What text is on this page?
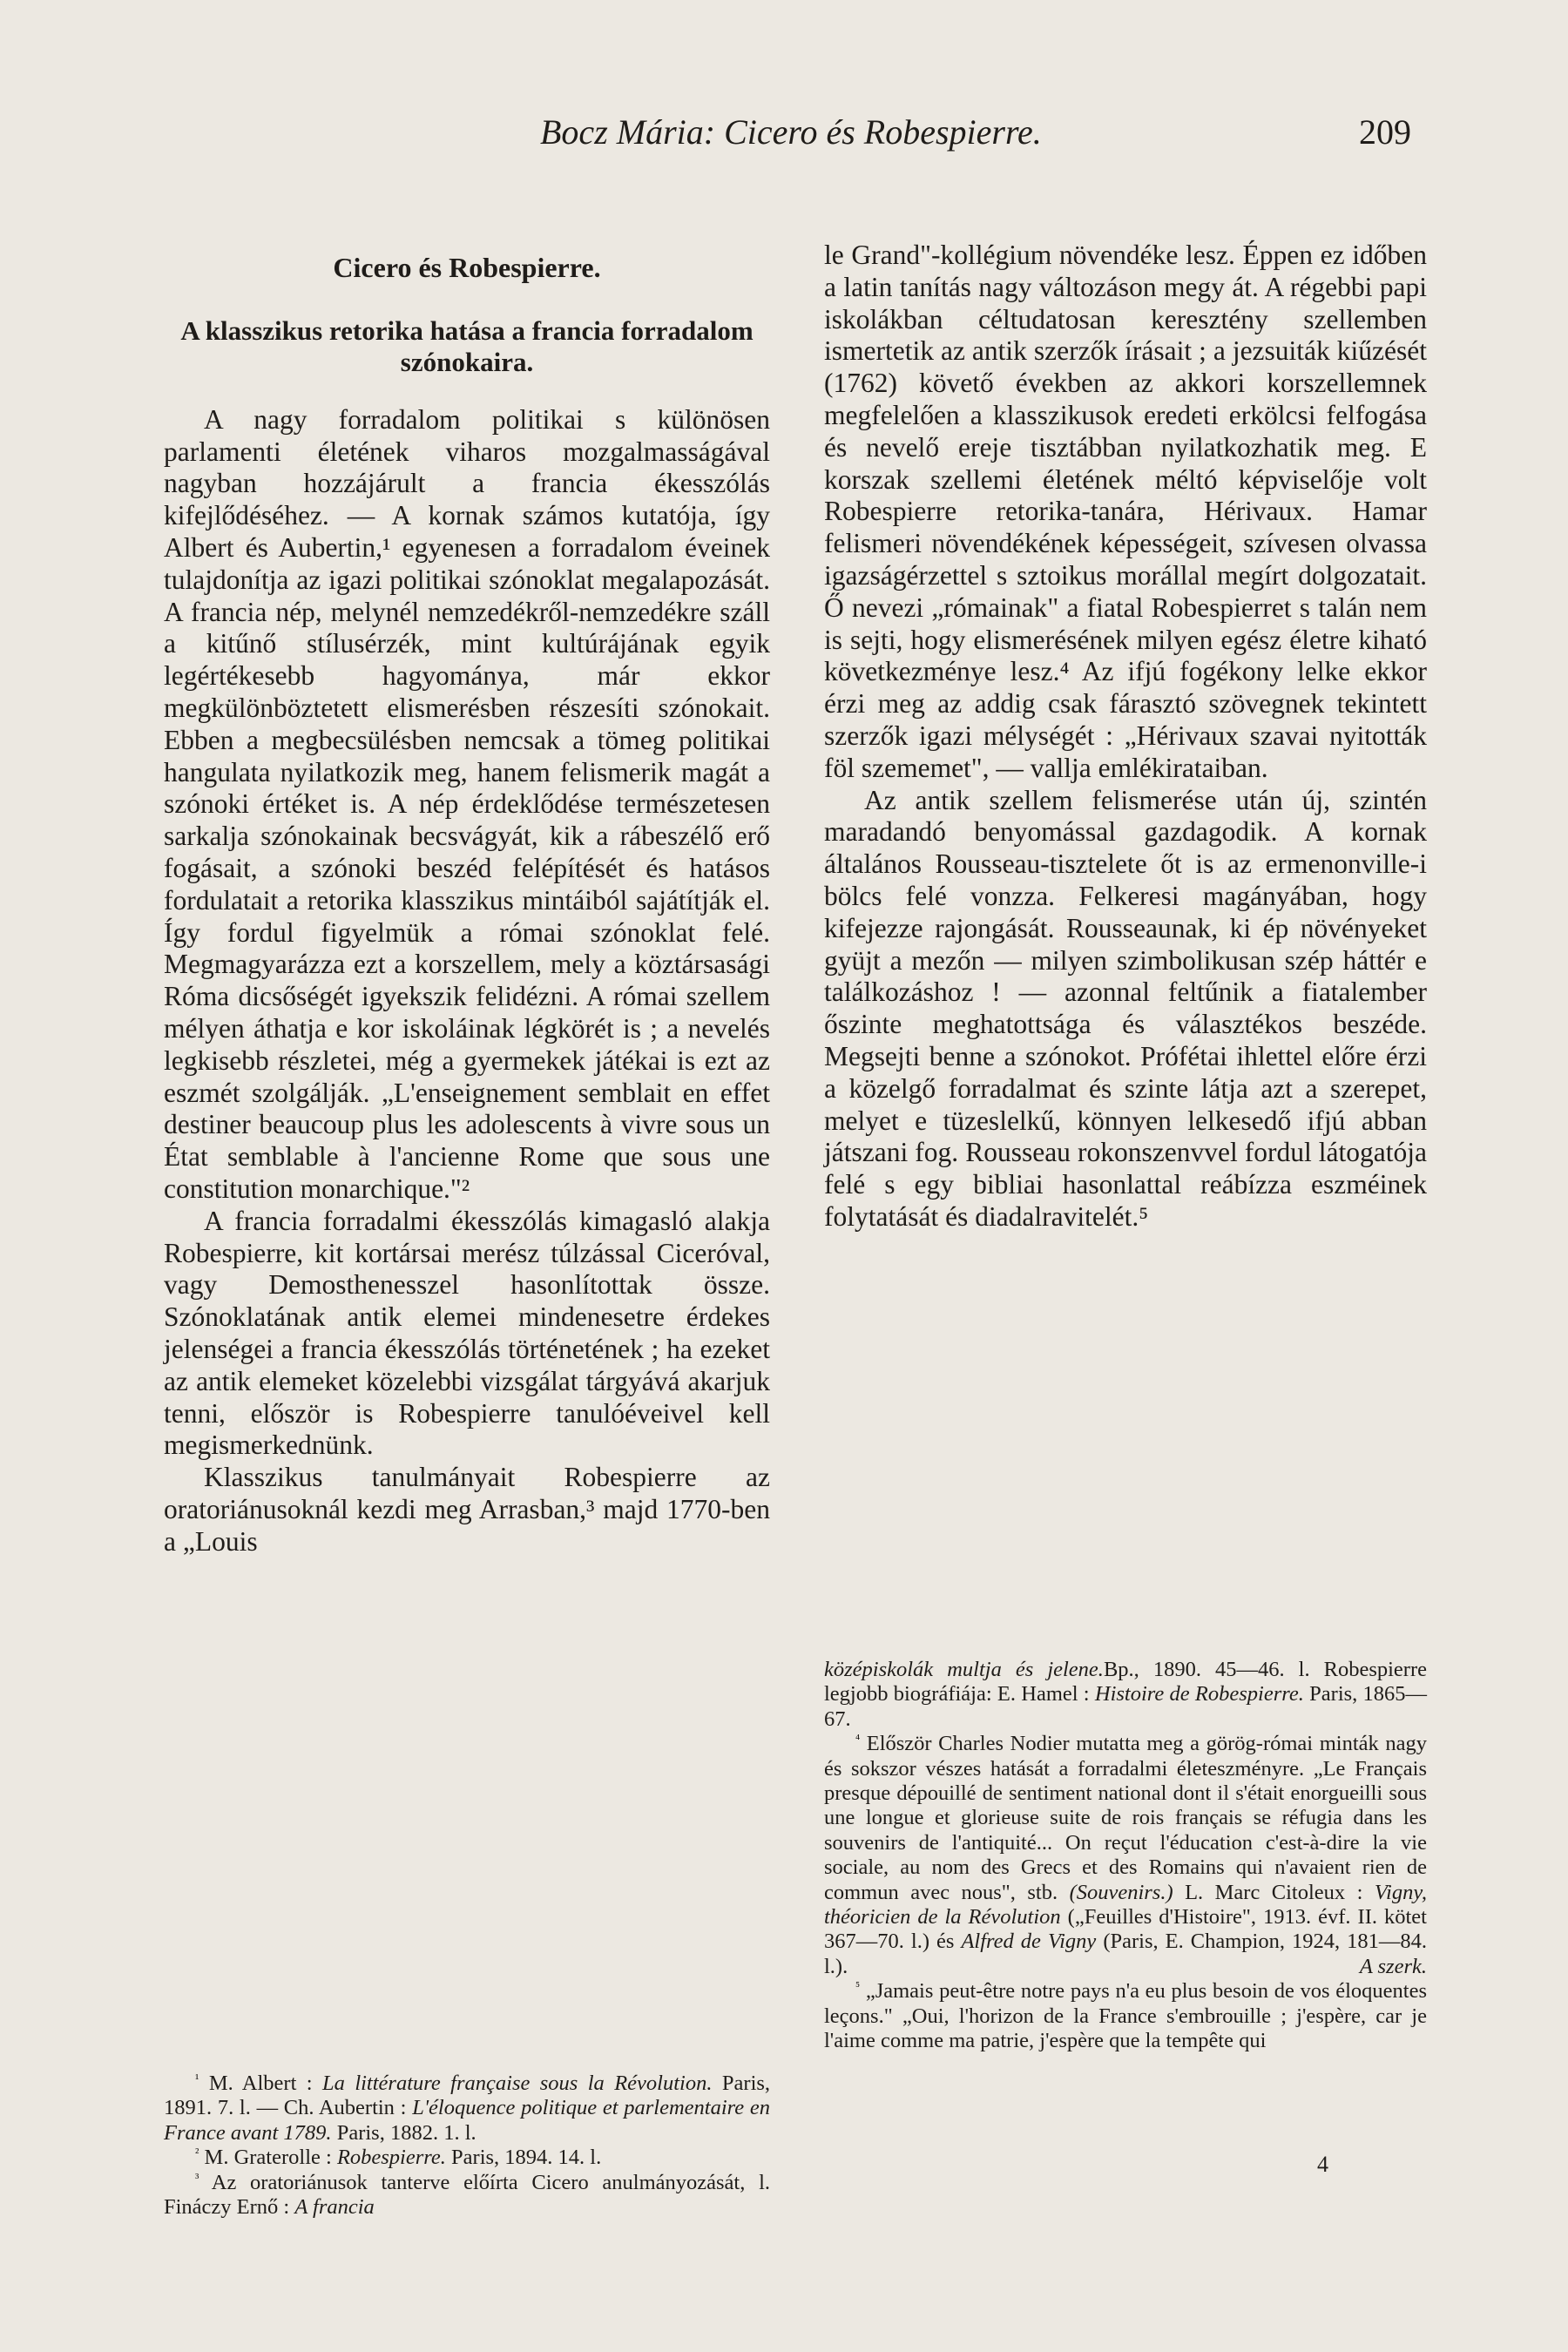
Bocz Mária: Cicero és Robespierre.	209
Cicero és Robespierre.
A klasszikus retorika hatása a francia forradalom szónokaira.

A nagy forradalom politikai s különösen parlamenti életének viharos mozgalmasságával nagyban hozzájárult a francia ékesszólás kifejlődéséhez. — A kornak számos kutatója, így Albert és Aubertin,¹ egyenesen a forradalom éveinek tulajdonítja az igazi politikai szónoklat megalapozását. A francia nép, melynél nemzedékről-nemzedékre száll a kitűnő stílusérzék, mint kultúrájának egyik legértékesebb hagyománya, már ekkor megkülönböztetett elismerésben részesíti szónokait. Ebben a megbecsülésben nemcsak a tömeg politikai hangulata nyilatkozik meg, hanem felismerik magát a szónoki értéket is. A nép érdeklődése természetesen sarkalja szónokainak becsvágyát, kik a rábeszélő erő fogásait, a szónoki beszéd felépítését és hatásos fordulatait a retorika klasszikus mintáiból sajátítják el. Így fordul figyelmük a római szónoklat felé. Megmagyarázza ezt a korszellem, mely a köztársasági Róma dicsőségét igyekszik felidézni. A római szellem mélyen áthatja e kor iskoláinak légkörét is ; a nevelés legkisebb részletei, még a gyermekek játékai is ezt az eszmét szolgálják. „L'enseignement semblait en effet destiner beaucoup plus les adolescents à vivre sous un État semblable à l'ancienne Rome que sous une constitution monarchique."²

A francia forradalmi ékesszólás kimagasló alakja Robespierre, kit kortársai merész túlzással Ciceróval, vagy Demosthenesszel hasonlítottak össze. Szónoklatának antik elemei mindenesetre érdekes jelenségei a francia ékesszólás történetének ; ha ezeket az antik elemeket közelebbi vizsgálat tárgyává akarjuk tenni, először is Robespierre tanulóéveivel kell megismerkednünk.

Klasszikus tanulmányait Robespierre az oratoriánusoknál kezdi meg Arrasban,³ majd 1770-ben a „Louis

le Grand"-kollégium növendéke lesz. Éppen ez időben a latin tanítás nagy változáson megy át. A régebbi papi iskolákban céltudatosan keresztény szellemben ismertetik az antik szerzők írásait ; a jezsuiták kiűzését (1762) követő években az akkori korszellemnek megfelelően a klasszikusok eredeti erkölcsi felfogása és nevelő ereje tisztábban nyilatkozhatik meg. E korszak szellemi életének méltó képviselője volt Robespierre retorika-tanára, Hérivaux. Hamar felismeri növendékének képességeit, szívesen olvassa igazságérzettel s sztoikus morállal megírt dolgozatait. Ő nevezi „rómainak" a fiatal Robespierret s talán nem is sejti, hogy elismerésének milyen egész életre kiható következménye lesz.⁴ Az ifjú fogékony lelke ekkor érzi meg az addig csak fárasztó szövegnek tekintett szerzők igazi mélységét : „Hérivaux szavai nyitották föl szememet", — vallja emlékirataiban.

Az antik szellem felismerése után új, szintén maradandó benyomással gazdagodik. A kornak általános Rousseau-tisztelete őt is az ermenonville-i bölcs felé vonzza. Felkeresi magányában, hogy kifejezze rajongását. Rousseaunak, ki ép növényeket gyüjt a mezőn — milyen szimbolikusan szép háttér e találkozáshoz ! — azonnal feltűnik a fiatalember őszinte meghatottsága és választékos beszéde. Megsejti benne a szónokot. Prófétai ihlettel előre érzi a közelgő forradalmat és szinte látja azt a szerepet, melyet e tüzeslelkű, könnyen lelkesedő ifjú abban játszani fog. Rousseau rokonszenvvel fordul látogatója felé s egy bibliai hasonlattal reábízza eszméinek folytatását és diadalravitelét.⁵

$^{^1}$ M. Albert : La littérature française sous la Révolution. Paris, 1891. 7. l. — Ch. Aubertin : L'éloquence politique et parlementaire en France avant 1789. Paris, 1882. 1. l.

$^{^2}$ M. Graterolle : Robespierre. Paris, 1894. 14. l.

$^{^3}$ Az oratoriánusok tanterve előírta Cicero anulmányozását, l. Fináczy Ernő : A francia

középiskolák multja és jelene.Bp., 1890. 45—46. l. Robespierre legjobb biográfiája: E. Hamel : Histoire de Robespierre. Paris, 1865—67.

$^{^4}$ Először Charles Nodier mutatta meg a görög-római minták nagy és sokszor vészes hatását a forradalmi életeszményre. „Le Français presque dépouillé de sentiment national dont il s'était enorgueilli sous une longue et glorieuse suite de rois français se réfugia dans les souvenirs de l'antiquité... On reçut l'éducation c'est-à-dire la vie sociale, au nom des Grecs et des Romains qui n'avaient rien de commun avec nous", stb. (Souvenirs.) L. Marc Citoleux : Vigny, théoricien de la Révolution („Feuilles d'Histoire", 1913. évf. II. kötet 367—70. l.) és Alfred de Vigny (Paris, E. Champion, 1924, 181—84. l.).	A szerk.

$^{^5}$ „Jamais peut-être notre pays n'a eu plus besoin de vos éloquentes leçons." „Oui, l'horizon de la France s'embrouille ; j'espère, car je l'aime comme ma patrie, j'espère que la tempête qui

4
